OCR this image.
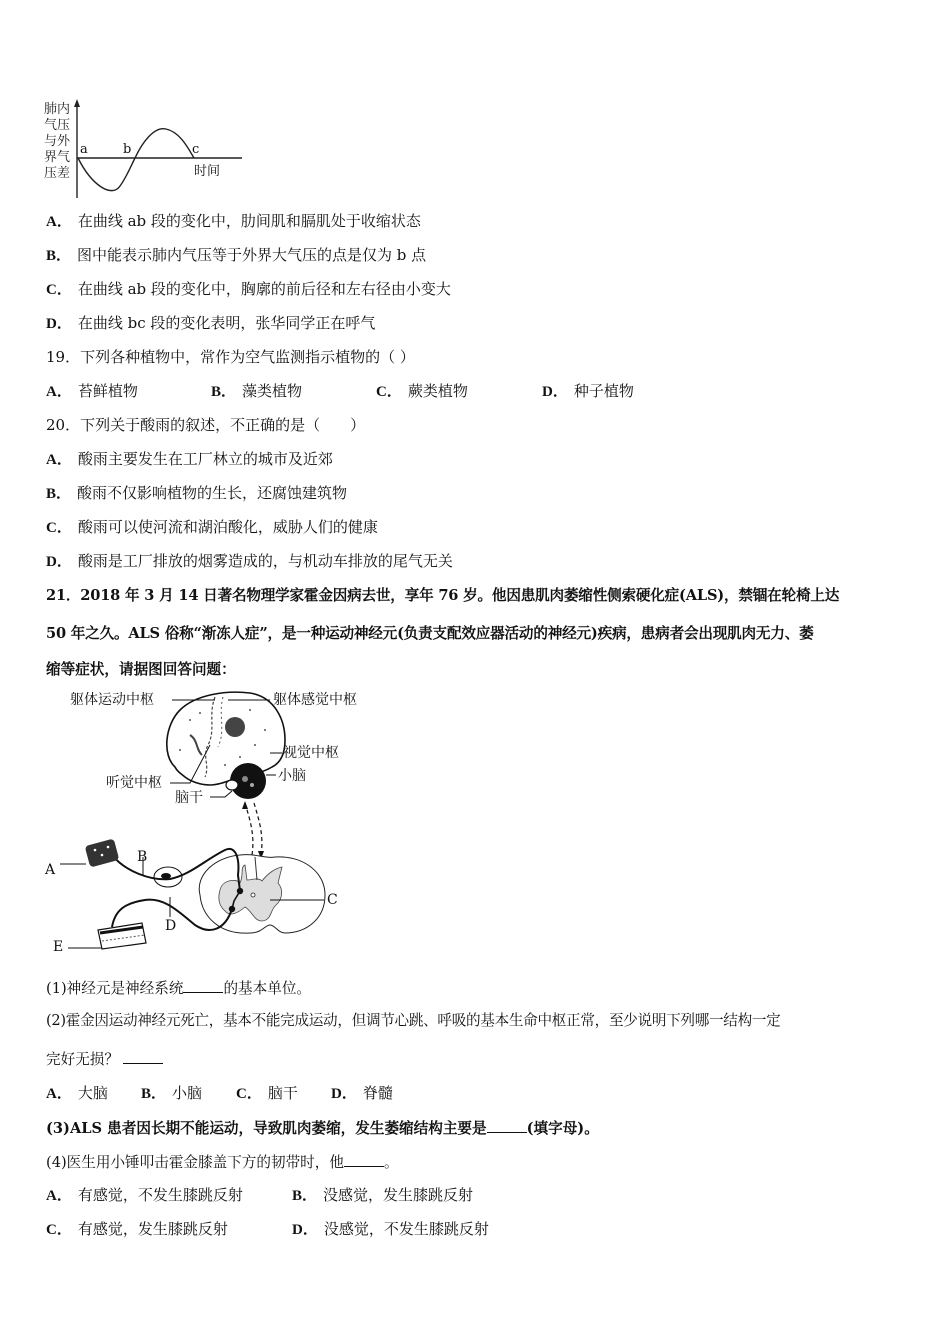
肺内
气压
与外
界气
压差
a	b	c
时间
A． 在曲线 ab 段的变化中，肋间肌和膈肌处于收缩状态
B． 图中能表示肺内气压等于外界大气压的点是仅为 b 点
C． 在曲线 ab 段的变化中，胸廓的前后径和左右径由小变大
D． 在曲线 bc 段的变化表明，张华同学正在呼气
19．下列各种植物中，常作为空气监测指示植物的（ ）
A． 苔鲜植物	B． 藻类植物	C． 蕨类植物	D． 种子植物
20．下列关于酸雨的叙述，不正确的是（　　）
A． 酸雨主要发生在工厂林立的城市及近郊
B． 酸雨不仅影响植物的生长，还腐蚀建筑物
C． 酸雨可以使河流和湖泊酸化，威胁人们的健康
D． 酸雨是工厂排放的烟雾造成的，与机动车排放的尾气无关
21．2018 年 3 月 14 日著名物理学家霍金因病去世，享年 76 岁。他因患肌肉萎缩性侧索硬化症(ALS)，禁锢在轮椅上达
50 年之久。ALS 俗称“渐冻人症”，是一种运动神经元(负责支配效应器活动的神经元)疾病，患病者会出现肌肉无力、萎
缩等症状，请据图回答问题：
躯体运动中枢	躯体感觉中枢
视觉中枢
听觉中枢	小脑
脑干
A
B
C
D
E
(1)神经元是神经系统	的基本单位。
(2)霍金因运动神经元死亡，基本不能完成运动，但调节心跳、呼吸的基本生命中枢正常，至少说明下列哪一结构一定
完好无损？
A． 大脑 B． 小脑 C． 脑干 D． 脊髓
(3)ALS 患者因长期不能运动，导致肌肉萎缩，发生萎缩结构主要是	(填字母)。
(4)医生用小锤叩击霍金膝盖下方的韧带时，他	。
A． 有感觉，不发生膝跳反射	B． 没感觉，发生膝跳反射
C． 有感觉，发生膝跳反射	D． 没感觉，不发生膝跳反射
